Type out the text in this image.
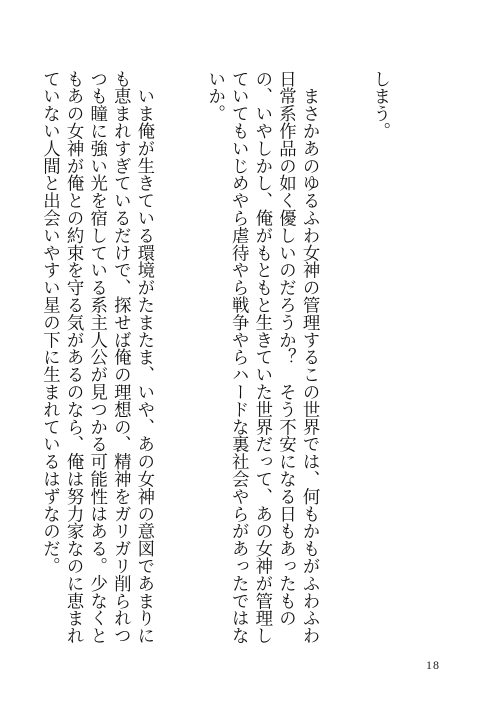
しまう。

まさかあのゆるふわ女神の管理するこの世界では、何もかもがふわふわ日常系作品の如く優しいのだろうか？　そう不安になる日もあったものの、いやしかし、俺がもともと生きていた世界だって、あの女神が管理していてもいじめやら虐待やら戦争やらハードな裏社会やらがあったではないか。

いま俺が生きている環境がたまたま、いや、あの女神の意図であまりにも恵まれすぎているだけで、探せば俺の理想の、精神をガリガリ削られつつも瞳に強い光を宿している系主人公が見つかる可能性はある。少なくともあの女神が俺との約束を守る気があるのなら、俺は努力家なのに恵まれていない人間と出会いやすい星の下に生まれているはずなのだ。

18
